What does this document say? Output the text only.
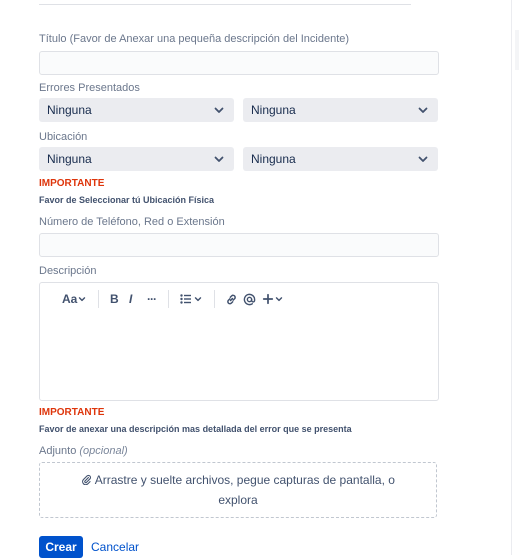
Título (Favor de Anexar una pequeña descripción del Incidente)
Errores Presentados
Ninguna	Ninguna
Ubicación
Ninguna	Ninguna
IMPORTANTE
Favor de Seleccionar tú Ubicación Física
Número de Teléfono, Red o Extensión
Descripción
Aa	B I ···
IMPORTANTE
Favor de anexar una descripción mas detallada del error que se presenta
Adjunto (opcional)
Arrastre y suelte archivos, pegue capturas de pantalla, o
explora
Crear	Cancelar
